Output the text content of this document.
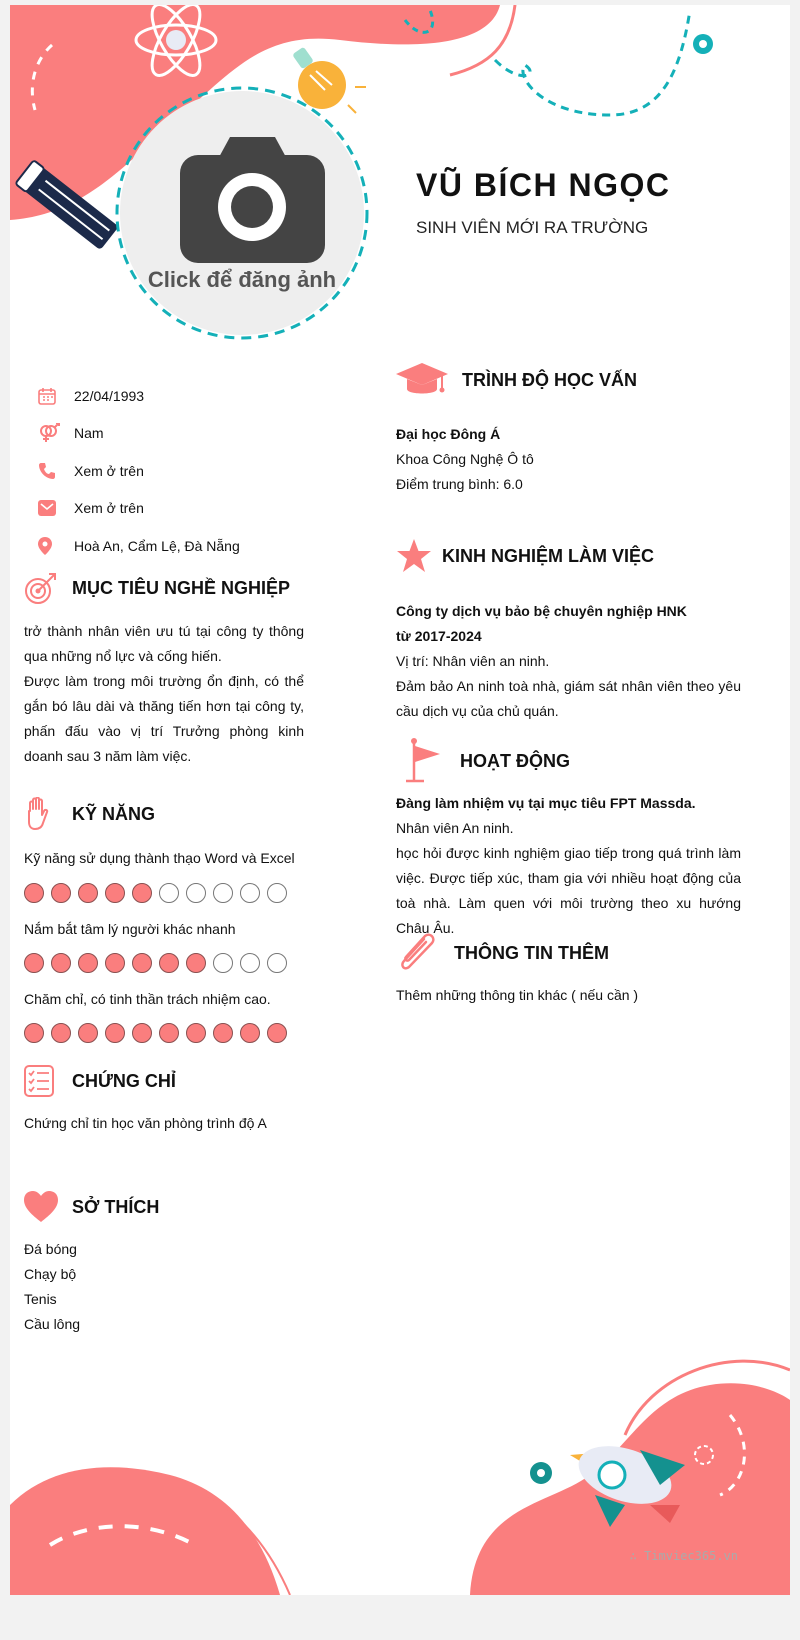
Click để đăng ảnh
VŨ BÍCH NGỌC
SINH VIÊN MỚI RA TRƯỜNG
22/04/1993
Nam
Xem ở trên
Xem ở trên
Hoà An, Cẩm Lệ, Đà Nẵng
MỤC TIÊU NGHỀ NGHIỆP

trở thành nhân viên ưu tú tại công ty thông qua những nổ lực và cống hiến.

Được làm trong môi trường ổn định, có thể gắn bó lâu dài và thăng tiến hơn tại công ty, phấn đấu vào vị trí Trưởng phòng kinh doanh sau 3 năm làm việc.

KỸ NĂNG
Kỹ năng sử dụng thành thạo Word và Excel
Nắm bắt tâm lý người khác nhanh
Chăm chỉ, có tinh thần trách nhiệm cao.
CHỨNG CHỈ
Chứng chỉ tin học văn phòng trình độ A
SỞ THÍCH

Đá bóng

Chạy bộ

Tenis

Cầu lông

TRÌNH ĐỘ HỌC VẤN

Đại học Đông Á

Khoa Công Nghệ Ô tô

Điểm trung bình: 6.0

KINH NGHIỆM LÀM VIỆC

Công ty dịch vụ bảo bệ chuyên nghiệp HNK

từ 2017-2024

Vị trí: Nhân viên an ninh.

Đảm bảo An ninh toà nhà, giám sát nhân viên theo yêu cầu dịch vụ của chủ quán.

HOẠT ĐỘNG

Đàng làm nhiệm vụ tại mục tiêu FPT Massda.

Nhân viên An ninh.

học hỏi được kinh nghiệm giao tiếp trong quá trình làm việc. Được tiếp xúc, tham gia với nhiều hoạt động của toà nhà. Làm quen với môi trường theo xu hướng Châu Âu.

THÔNG TIN THÊM
Thêm những thông tin khác ( nếu cần )
∴ Timviec365.vn
